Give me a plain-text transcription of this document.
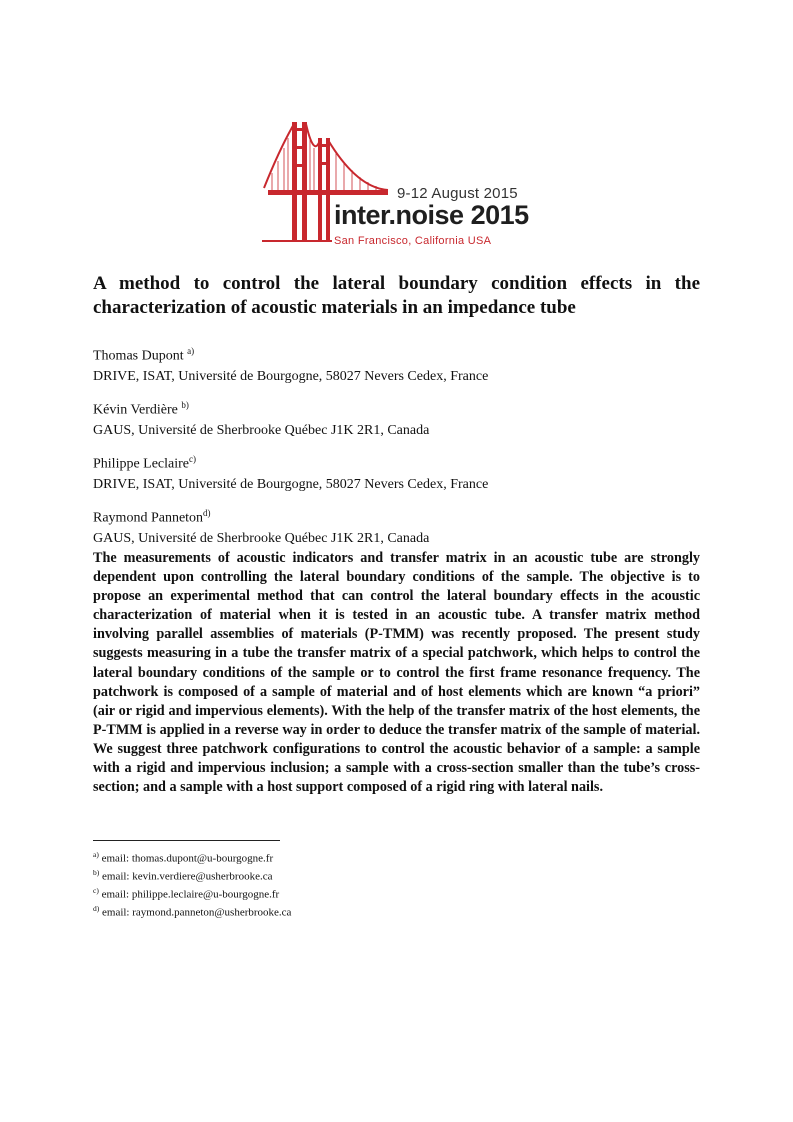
9-12 August 2015
inter.noise 2015
San Francisco, California USA
A method to control the lateral boundary condition effects in the characterization of acoustic materials in an impedance tube
Thomas Dupont $^{a)}$
DRIVE, ISAT, Université de Bourgogne, 58027 Nevers Cedex, France
Kévin Verdière $^{b)}$
GAUS, Université de Sherbrooke Québec J1K 2R1, Canada
Philippe Leclaire$^{c)}$
DRIVE, ISAT, Université de Bourgogne, 58027 Nevers Cedex, France
Raymond Panneton$^{d)}$
GAUS, Université de Sherbrooke Québec J1K 2R1, Canada
The measurements of acoustic indicators and transfer matrix in an acoustic tube are strongly dependent upon controlling the lateral boundary conditions of the sample. The objective is to propose an experimental method that can control the lateral boundary effects in the acoustic characterization of material when it is tested in an acoustic tube. A transfer matrix method involving parallel assemblies of materials (P-TMM) was recently proposed. The present study suggests measuring in a tube the transfer matrix of a special patchwork, which helps to control the lateral boundary conditions of the sample or to control the first frame resonance frequency. The patchwork is composed of a sample of material and of host elements which are known “a priori” (air or rigid and impervious elements). With the help of the transfer matrix of the host elements, the P-TMM is applied in a reverse way in order to deduce the transfer matrix of the sample of material. We suggest three patchwork configurations to control the acoustic behavior of a sample: a sample with a rigid and impervious inclusion; a sample with a cross-section smaller than the tube’s cross-section; and a sample with a host support composed of a rigid ring with lateral nails.
$^{a)}$ email: thomas.dupont@u-bourgogne.fr
$^{b)}$ email: kevin.verdiere@usherbrooke.ca
$^{c)}$ email: philippe.leclaire@u-bourgogne.fr
$^{d)}$ email: raymond.panneton@usherbrooke.ca
